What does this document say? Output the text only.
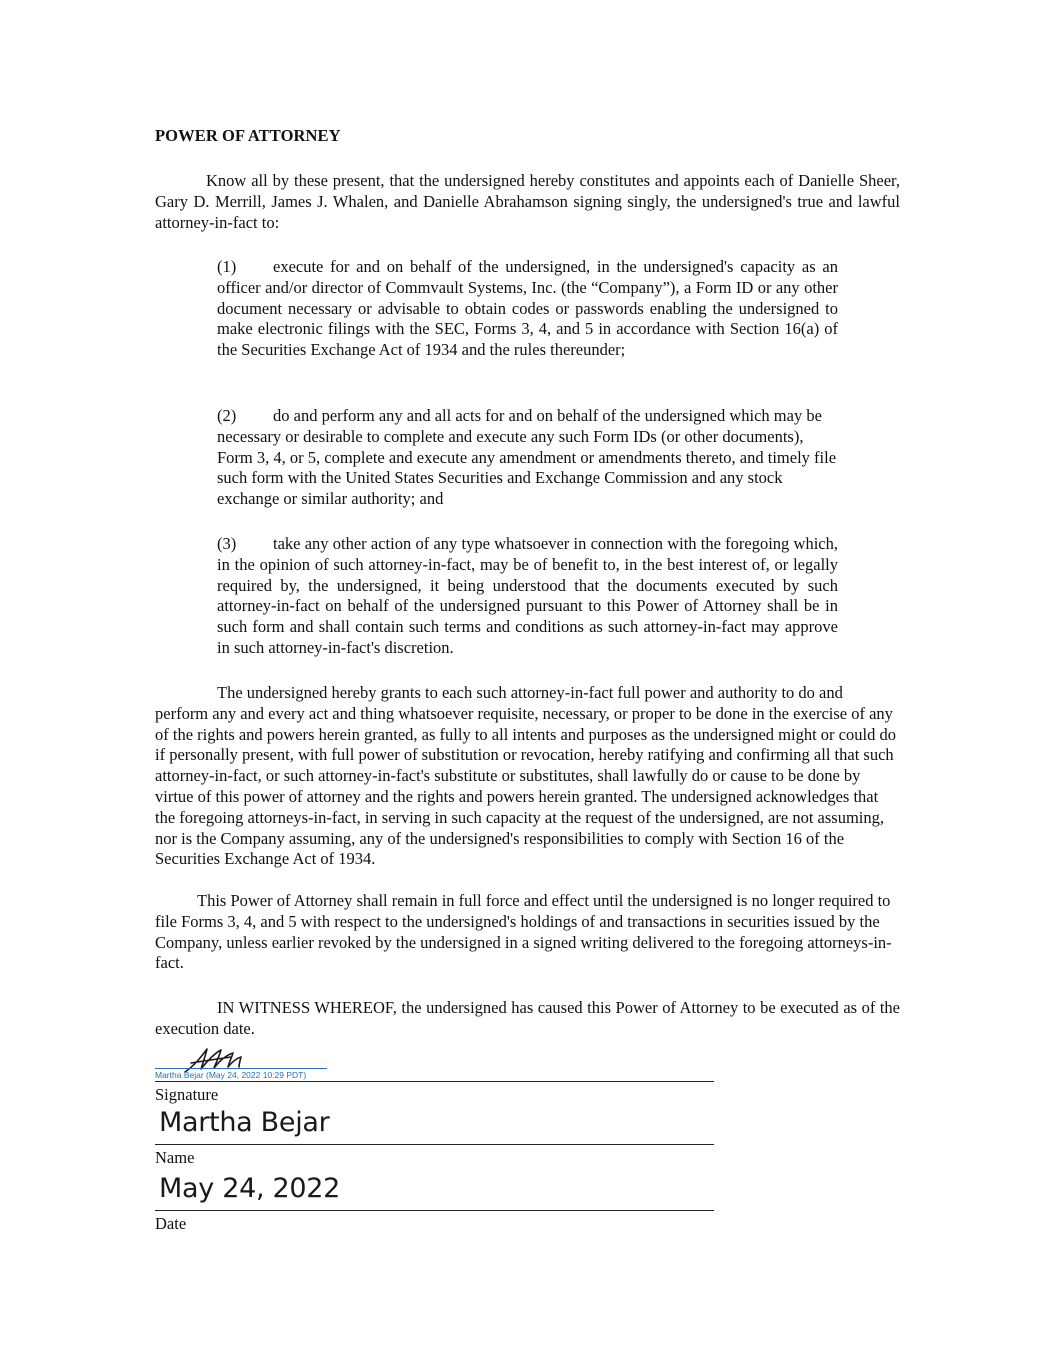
POWER OF ATTORNEY

Know all by these present, that the undersigned hereby constitutes and appoints each of Danielle Sheer, Gary D. Merrill, James J. Whalen, and Danielle Abrahamson signing singly, the undersigned's true and lawful attorney-in-fact to:

(1) execute for and on behalf of the undersigned, in the undersigned's capacity as an officer and/or director of Commvault Systems, Inc. (the “Company”), a Form ID or any other document necessary or advisable to obtain codes or passwords enabling the undersigned to make electronic filings with the SEC, Forms 3, 4, and 5 in accordance with Section 16(a) of the Securities Exchange Act of 1934 and the rules thereunder;

(2) do and perform any and all acts for and on behalf of the undersigned which may be necessary or desirable to complete and execute any such Form IDs (or other documents), Form 3, 4, or 5, complete and execute any amendment or amendments thereto, and timely file such form with the United States Securities and Exchange Commission and any stock exchange or similar authority; and

(3) take any other action of any type whatsoever in connection with the foregoing which, in the opinion of such attorney-in-fact, may be of benefit to, in the best interest of, or legally required by, the undersigned, it being understood that the documents executed by such attorney-in-fact on behalf of the undersigned pursuant to this Power of Attorney shall be in such form and shall contain such terms and conditions as such attorney-in-fact may approve in such attorney-in-fact's discretion.

The undersigned hereby grants to each such attorney-in-fact full power and authority to do and perform any and every act and thing whatsoever requisite, necessary, or proper to be done in the exercise of any of the rights and powers herein granted, as fully to all intents and purposes as the undersigned might or could do if personally present, with full power of substitution or revocation, hereby ratifying and confirming all that such attorney-in-fact, or such attorney-in-fact's substitute or substitutes, shall lawfully do or cause to be done by virtue of this power of attorney and the rights and powers herein granted. The undersigned acknowledges that the foregoing attorneys-in-fact, in serving in such capacity at the request of the undersigned, are not assuming, nor is the Company assuming, any of the undersigned's responsibilities to comply with Section 16 of the Securities Exchange Act of 1934.

This Power of Attorney shall remain in full force and effect until the undersigned is no longer required to file Forms 3, 4, and 5 with respect to the undersigned's holdings of and transactions in securities issued by the Company, unless earlier revoked by the undersigned in a signed writing delivered to the foregoing attorneys-in-fact.

IN WITNESS WHEREOF, the undersigned has caused this Power of Attorney to be executed as of the execution date.

Martha Bejar (May 24, 2022 10:29 PDT)
Signature
Martha Bejar
Name
May 24, 2022
Date
